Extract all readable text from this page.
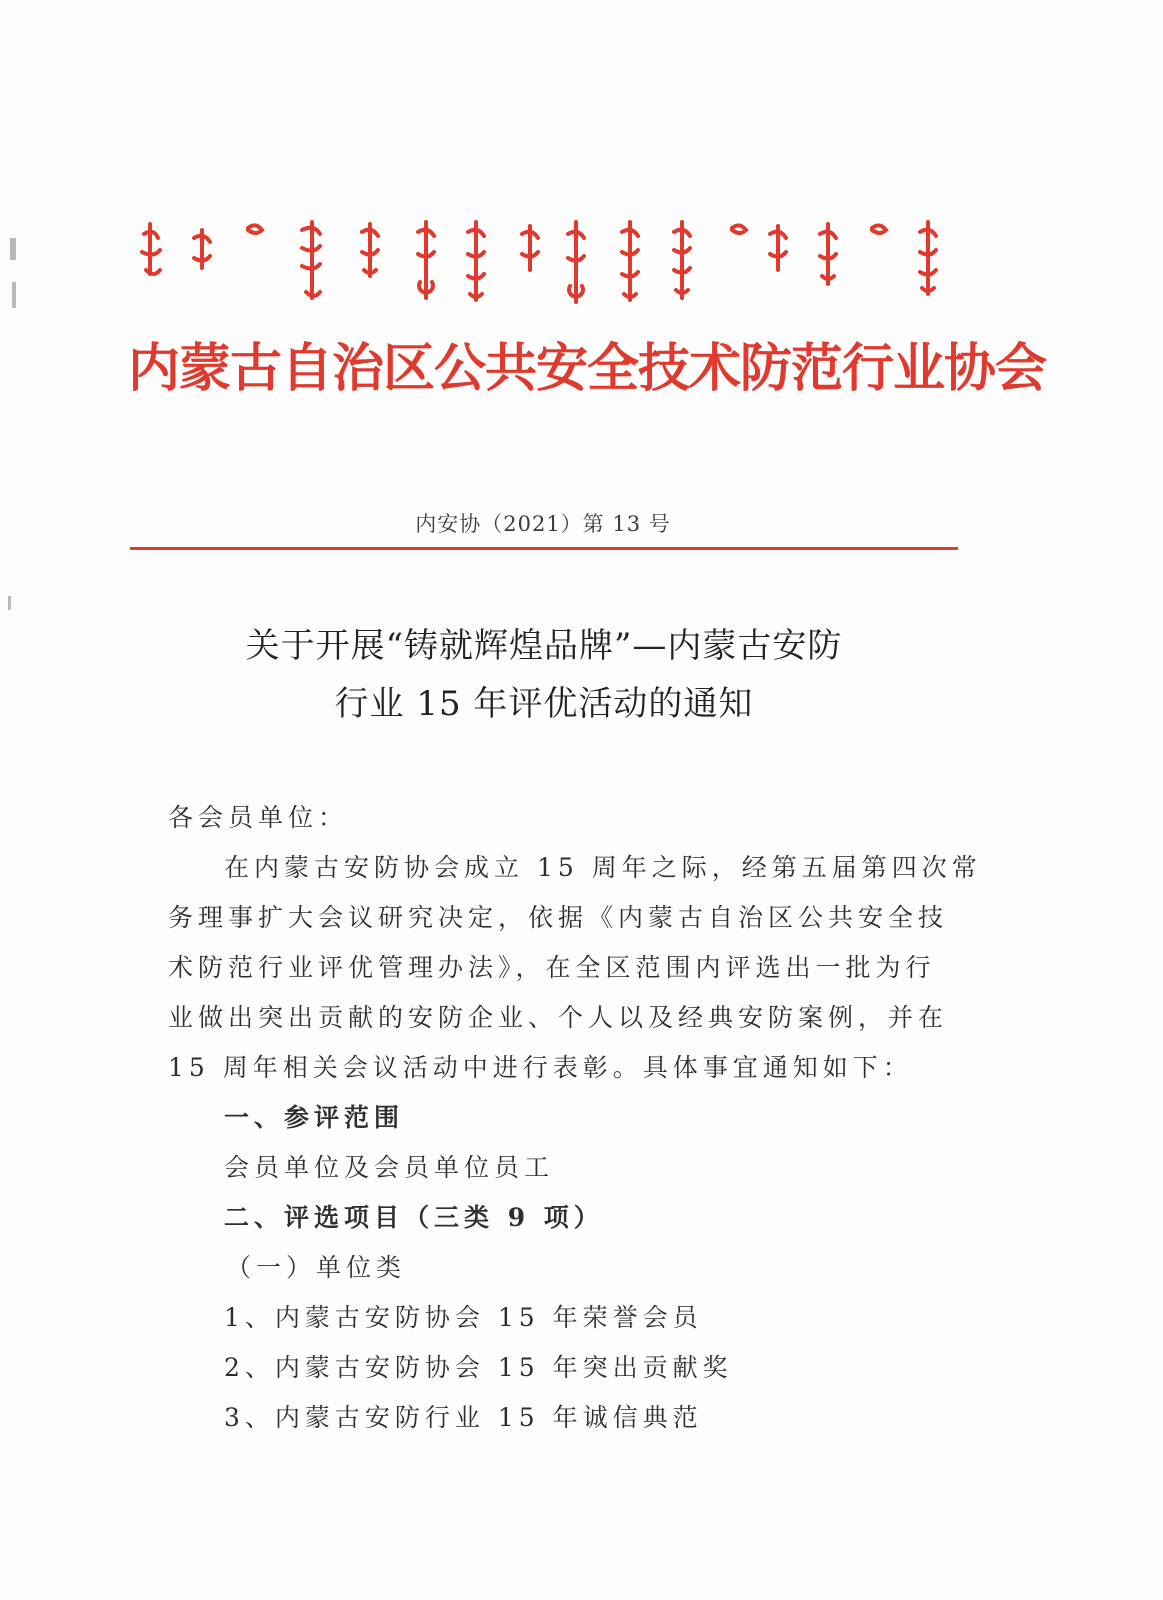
内蒙古自治区公共安全技术防范行业协会
内安协（2021）第 13 号
关于开展“铸就辉煌品牌”—内蒙古安防
行业 15 年评优活动的通知
各会员单位：
在内蒙古安防协会成立 15 周年之际，经第五届第四次常
务理事扩大会议研究决定，依据《内蒙古自治区公共安全技
术防范行业评优管理办法》，在全区范围内评选出一批为行
业做出突出贡献的安防企业、个人以及经典安防案例，并在
15 周年相关会议活动中进行表彰。具体事宜通知如下：
一、参评范围
会员单位及会员单位员工
二、评选项目（三类 9 项）
（一）单位类
1、内蒙古安防协会 15 年荣誉会员
2、内蒙古安防协会 15 年突出贡献奖
3、内蒙古安防行业 15 年诚信典范
